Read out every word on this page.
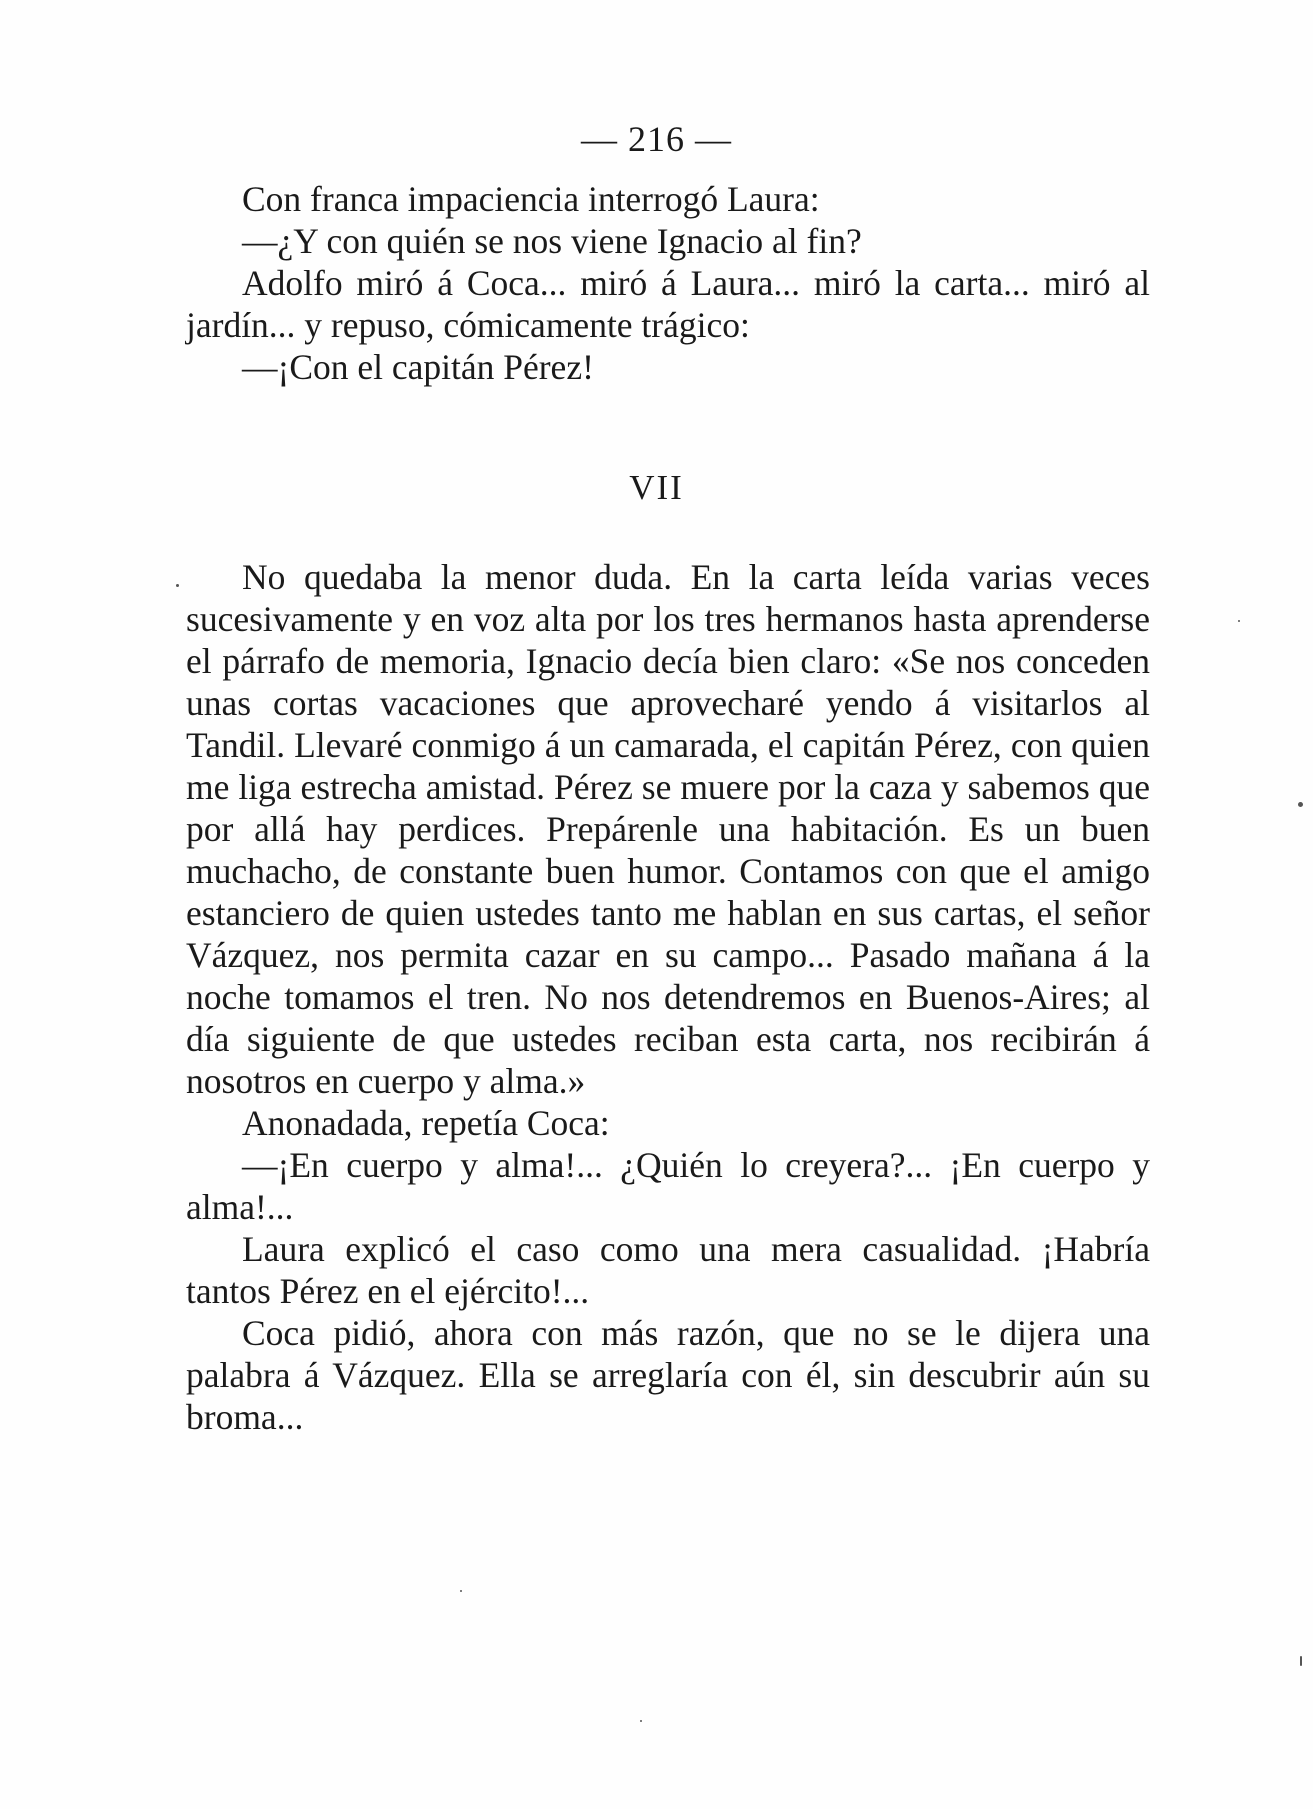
— 216 —

Con franca impaciencia interrogó Laura:

—¿Y con quién se nos viene Ignacio al fin?

Adolfo miró á Coca... miró á Laura... miró la carta... miró al jardín... y repuso, cómicamente trágico:

—¡Con el capitán Pérez!

VII

No quedaba la menor duda. En la carta leída varias veces sucesivamente y en voz alta por los tres hermanos hasta aprenderse el párrafo de memoria, Ignacio decía bien claro: «Se nos conceden unas cortas vacaciones que aprovecharé yendo á visitarlos al Tandil. Llevaré conmigo á un camarada, el capitán Pérez, con quien me liga estrecha amistad. Pérez se muere por la caza y sabemos que por allá hay perdices. Prepárenle una habitación. Es un buen muchacho, de constante buen humor. Contamos con que el amigo estanciero de quien ustedes tanto me hablan en sus cartas, el señor Vázquez, nos permita cazar en su campo... Pasado mañana á la noche tomamos el tren. No nos detendremos en Buenos-Aires; al día siguiente de que ustedes reciban esta carta, nos recibirán á nosotros en cuerpo y alma.»

Anonadada, repetía Coca:

—¡En cuerpo y alma!... ¿Quién lo creyera?... ¡En cuerpo y alma!...

Laura explicó el caso como una mera casualidad. ¡Habría tantos Pérez en el ejército!...

Coca pidió, ahora con más razón, que no se le dijera una palabra á Vázquez. Ella se arreglaría con él, sin descubrir aún su broma...
